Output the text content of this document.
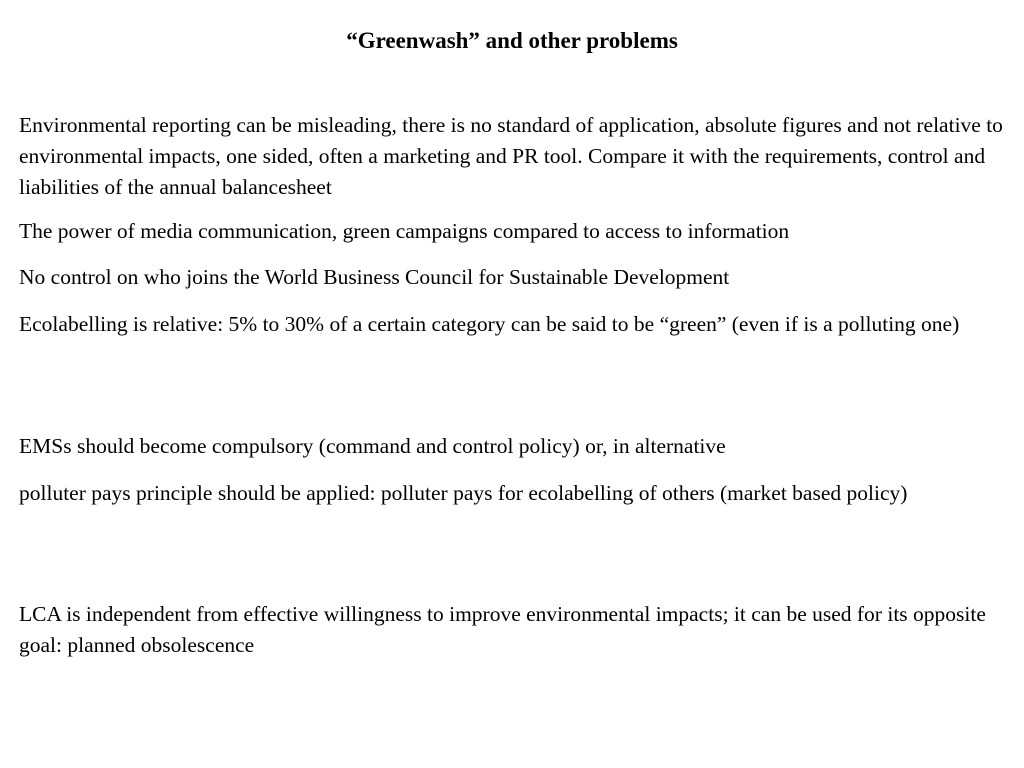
“Greenwash” and other problems

Environmental reporting can be misleading, there is no standard of application, absolute figures and not relative to environmental impacts, one sided, often a marketing and PR tool. Compare it with the requirements, control and liabilities of the annual balancesheet

The power of media communication, green campaigns compared to access to information

No control on who joins the World Business Council for Sustainable Development

Ecolabelling is relative: 5% to 30% of a certain category can be said to be “green” (even if is a polluting one)

EMSs should become compulsory (command and control policy) or, in alternative

polluter pays principle should be applied: polluter pays for ecolabelling of others (market based policy)

LCA is independent from effective willingness to improve environmental impacts; it can be used for its opposite goal: planned obsolescence
